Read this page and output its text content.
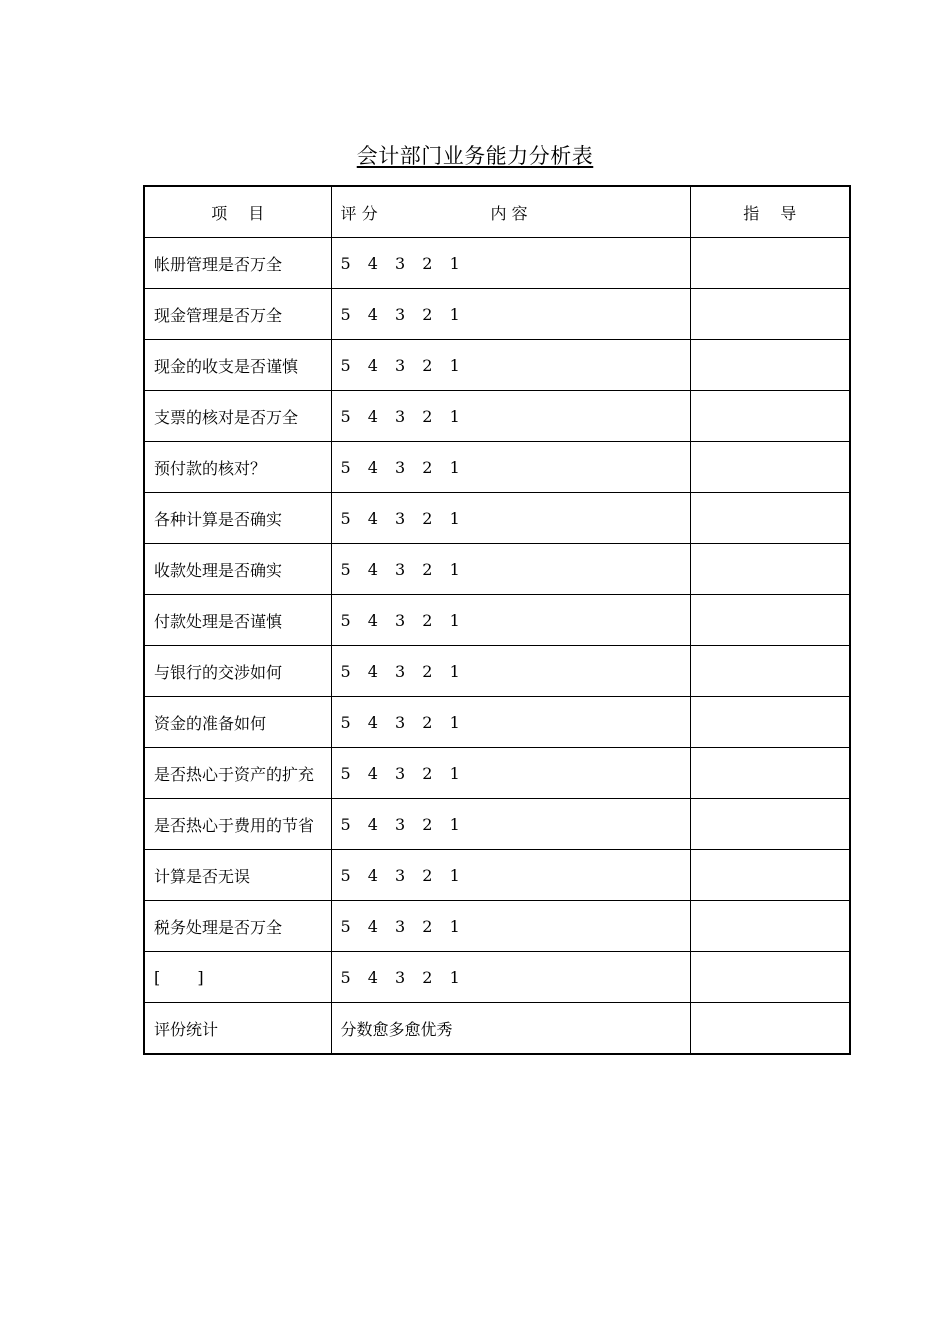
会计部门业务能力分析表
项　 目	评 分 内 容	指　 导
帐册管理是否万全	5 4 3 2 1	
现金管理是否万全	5 4 3 2 1	
现金的收支是否谨慎	5 4 3 2 1	
支票的核对是否万全	5 4 3 2 1	
预付款的核对？	5 4 3 2 1	
各种计算是否确实	5 4 3 2 1	
收款处理是否确实	5 4 3 2 1	
付款处理是否谨慎	5 4 3 2 1	
与银行的交涉如何	5 4 3 2 1	
资金的准备如何	5 4 3 2 1	
是否热心于资产的扩充	5 4 3 2 1	
是否热心于费用的节省	5 4 3 2 1	
计算是否无误	5 4 3 2 1	
税务处理是否万全	5 4 3 2 1	
[   ]	5 4 3 2 1	
评份统计	分数愈多愈优秀	
